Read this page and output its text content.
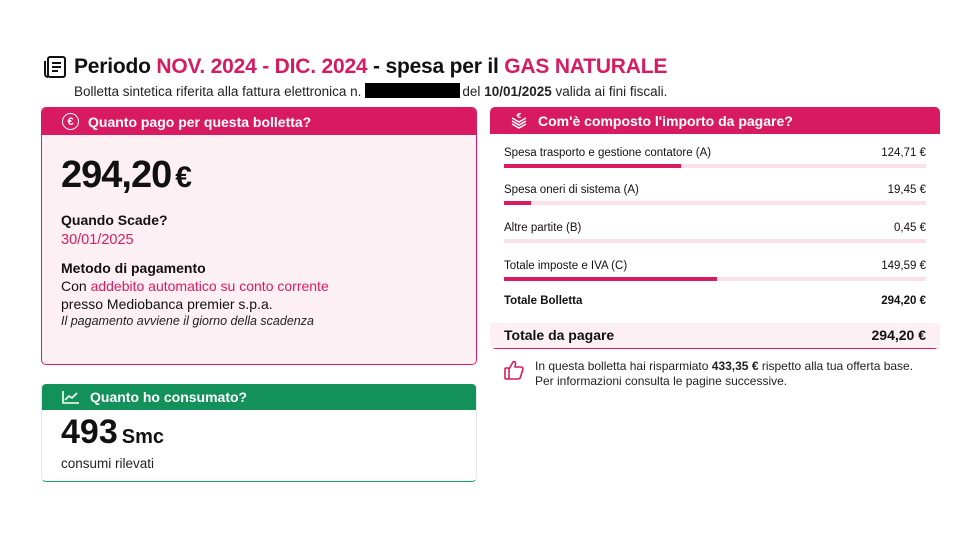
Periodo NOV. 2024 - DIC. 2024 - spesa per il GAS NATURALE
Bolletta sintetica riferita alla fattura elettronica n.	del 10/01/2025 valida ai fini fiscali.
€	Quanto pago per questa bolletta?
294,20 €
Quando Scade?
30/01/2025
Metodo di pagamento
Con addebito automatico su conto corrente
presso Mediobanca premier s.p.a.
Il pagamento avviene il giorno della scadenza
Quanto ho consumato?
493 Smc
consumi rilevati
€ Com'è composto l'importo da pagare?
Spesa trasporto e gestione contatore (A)	124,71 €
Spesa oneri di sistema (A)	19,45 €
Altre partite (B)	0,45 €
Totale imposte e IVA (C)	149,59 €
Totale Bolletta	294,20 €
Totale da pagare	294,20 €
In questa bolletta hai risparmiato 433,35 € rispetto alla tua offerta base. Per informazioni consulta le pagine successive.
